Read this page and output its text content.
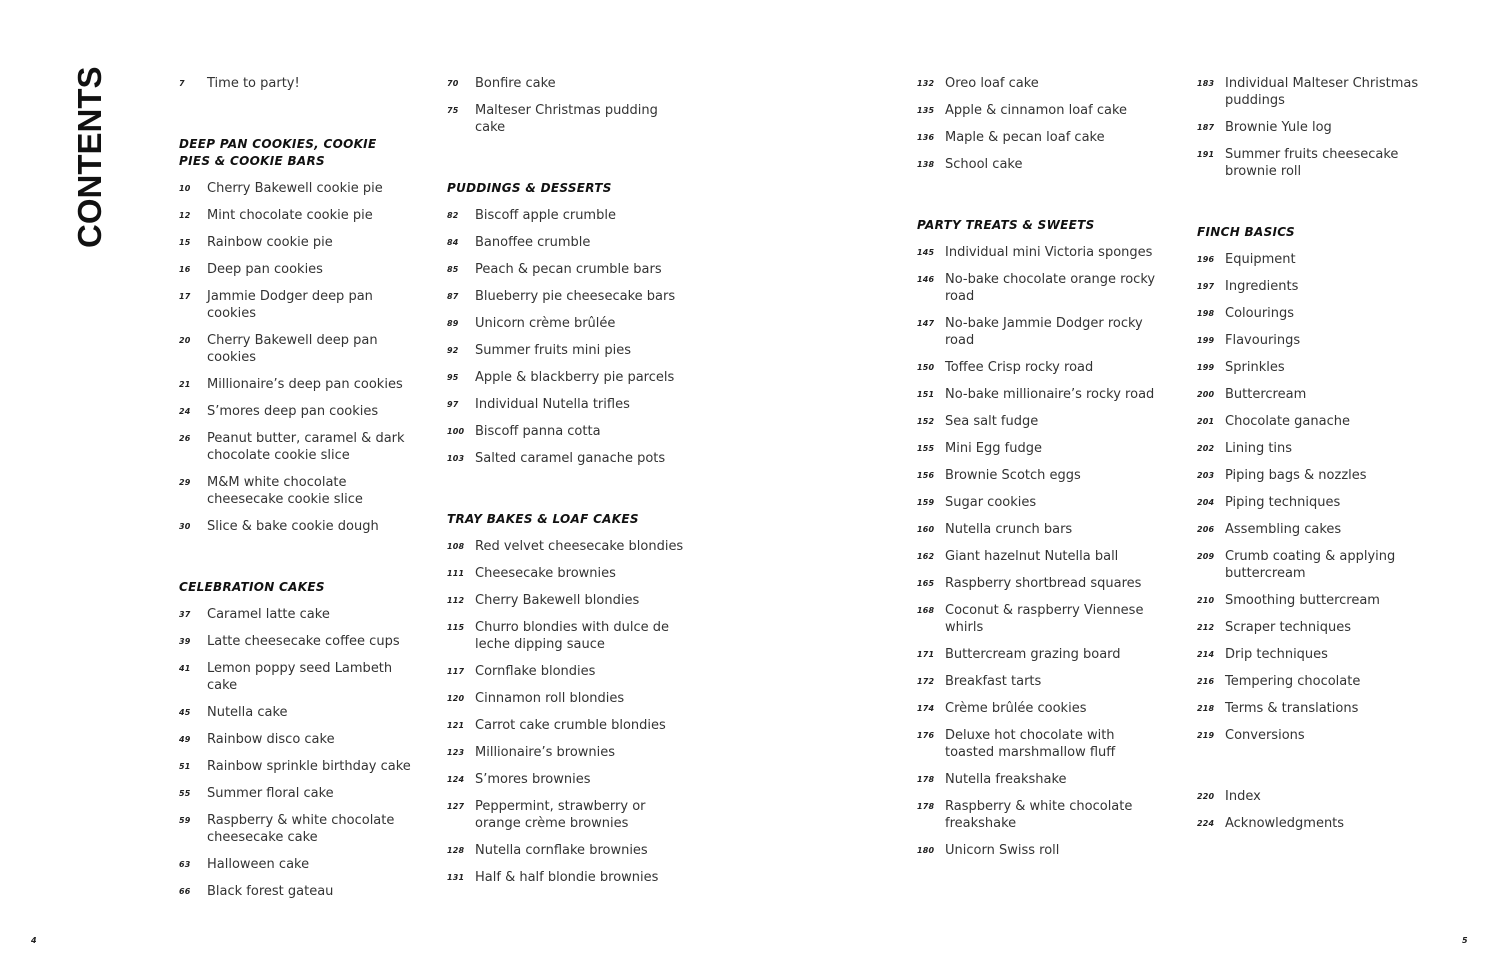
CONTENTS	7	Time to party!
DEEP PAN COOKIES, COOKIE PIES & COOKIE BARS
10	Cherry Bakewell cookie pie
12	Mint chocolate cookie pie
15	Rainbow cookie pie
16	Deep pan cookies
17	Jammie Dodger deep pan cookies
20	Cherry Bakewell deep pan cookies
21	Millionaire’s deep pan cookies
24	S’mores deep pan cookies
26	Peanut butter, caramel & dark chocolate cookie slice
29	M&M white chocolate cheesecake cookie slice
30	Slice & bake cookie dough
CELEBRATION CAKES
37	Caramel latte cake
39	Latte cheesecake coffee cups
41	Lemon poppy seed Lambeth cake
45	Nutella cake
49	Rainbow disco cake
51	Rainbow sprinkle birthday cake
55	Summer floral cake
59	Raspberry & white chocolate cheesecake cake
63	Halloween cake
66	Black forest gateau
70	Bonfire cake
75	Malteser Christmas pudding cake
PUDDINGS & DESSERTS
82	Biscoff apple crumble
84	Banoffee crumble
85	Peach & pecan crumble bars
87	Blueberry pie cheesecake bars
89	Unicorn crème brûlée
92	Summer fruits mini pies
95	Apple & blackberry pie parcels
97	Individual Nutella trifles
100 Biscoff panna cotta
103 Salted caramel ganache pots
TRAY BAKES & LOAF CAKES
108 Red velvet cheesecake blondies
111 Cheesecake brownies
112 Cherry Bakewell blondies
115 Churro blondies with dulce de leche dipping sauce
117 Cornflake blondies
120 Cinnamon roll blondies
121 Carrot cake crumble blondies
123 Millionaire’s brownies
124 S’mores brownies
127 Peppermint, strawberry or orange crème brownies
128 Nutella cornflake brownies
131 Half & half blondie brownies
132 Oreo loaf cake
135 Apple & cinnamon loaf cake
136 Maple & pecan loaf cake
138 School cake
PARTY TREATS & SWEETS
145 Individual mini Victoria sponges
146 No-bake chocolate orange rocky road
147 No-bake Jammie Dodger rocky road
150 Toffee Crisp rocky road
151 No-bake millionaire’s rocky road
152 Sea salt fudge
155 Mini Egg fudge
156 Brownie Scotch eggs
159 Sugar cookies
160 Nutella crunch bars
162 Giant hazelnut Nutella ball
165 Raspberry shortbread squares
168 Coconut & raspberry Viennese whirls
171 Buttercream grazing board
172 Breakfast tarts
174 Crème brûlée cookies
176 Deluxe hot chocolate with toasted marshmallow fluff
178 Nutella freakshake
178 Raspberry & white chocolate freakshake
180 Unicorn Swiss roll
183 Individual Malteser Christmas puddings
187 Brownie Yule log
191 Summer fruits cheesecake brownie roll
FINCH BASICS
196 Equipment
197 Ingredients
198 Colourings
199 Flavourings
199 Sprinkles
200 Buttercream
201 Chocolate ganache
202 Lining tins
203 Piping bags & nozzles
204 Piping techniques
206 Assembling cakes
209 Crumb coating & applying buttercream
210 Smoothing buttercream
212 Scraper techniques
214 Drip techniques
216 Tempering chocolate
218 Terms & translations
219 Conversions
220 Index
224 Acknowledgments
4	5
